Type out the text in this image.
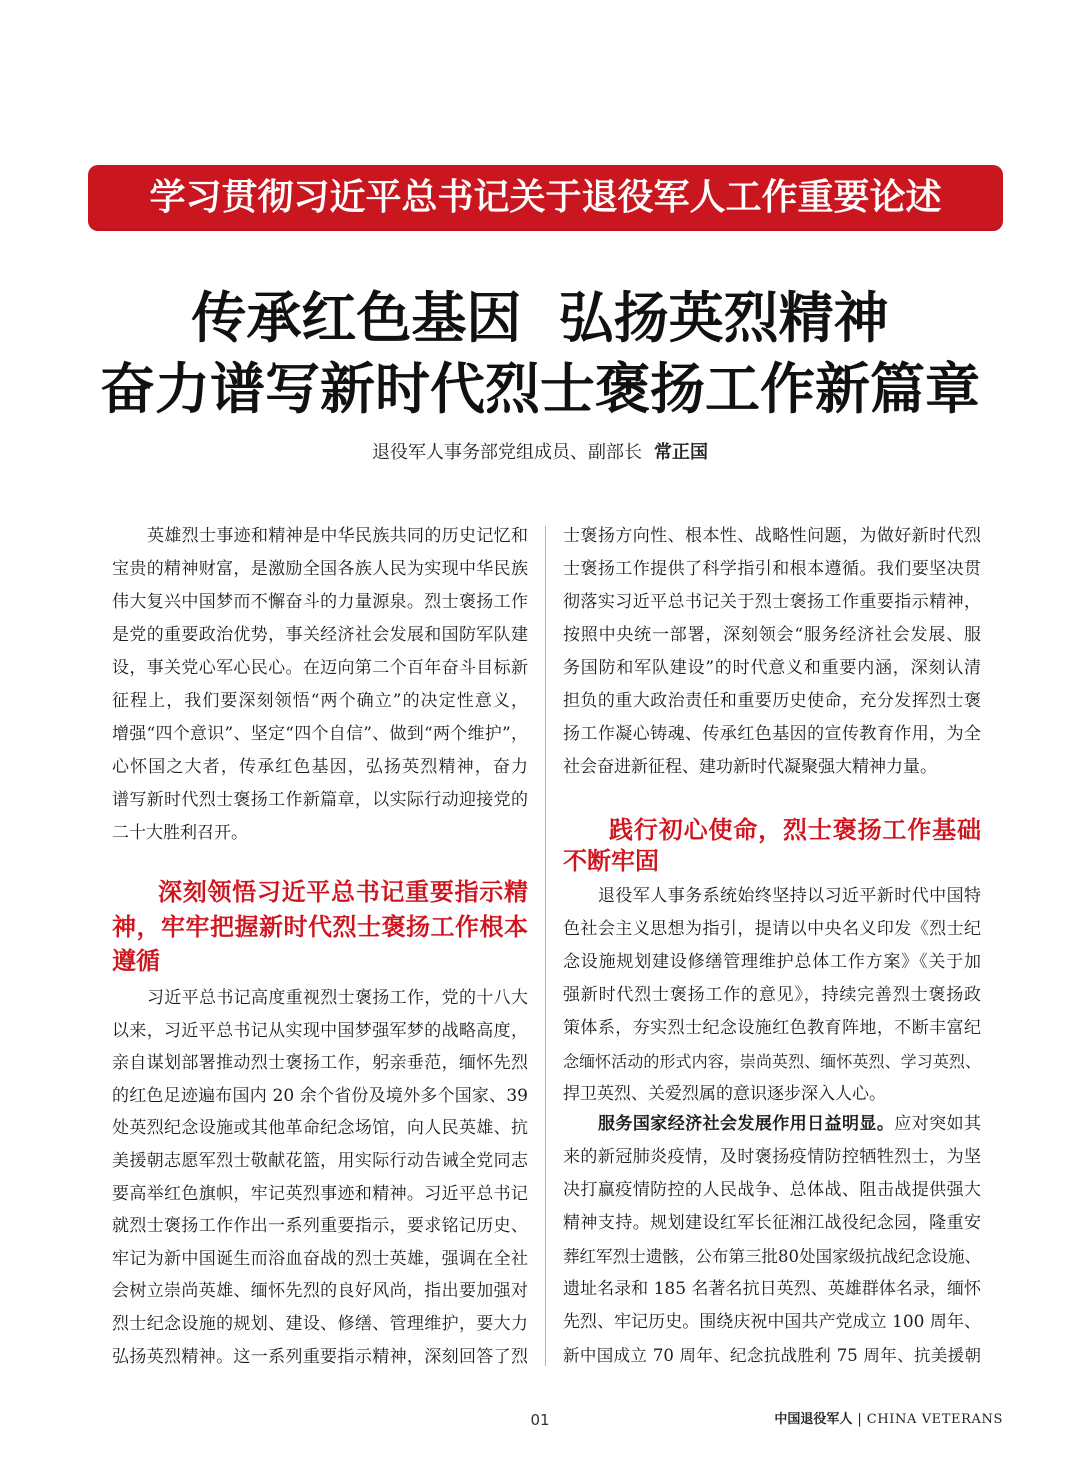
学习贯彻习近平总书记关于退役军人工作重要论述
传承红色基因 弘扬英烈精神
奋力谱写新时代烈士褒扬工作新篇章
退役军人事务部党组成员、副部长 常正国
英雄烈士事迹和精神是中华民族共同的历史记忆和
宝贵的精神财富，是激励全国各族人民为实现中华民族
伟大复兴中国梦而不懈奋斗的力量源泉。烈士褒扬工作
是党的重要政治优势，事关经济社会发展和国防军队建
设，事关党心军心民心。在迈向第二个百年奋斗目标新
征程上，我们要深刻领悟“两个确立”的决定性意义，
增强“四个意识”、坚定“四个自信”、做到“两个维护”，
心怀国之大者，传承红色基因，弘扬英烈精神，奋力
谱写新时代烈士褒扬工作新篇章，以实际行动迎接党的
二十大胜利召开。
深刻领悟习近平总书记重要指示精
神，牢牢把握新时代烈士褒扬工作根本
遵循
习近平总书记高度重视烈士褒扬工作，党的十八大
以来，习近平总书记从实现中国梦强军梦的战略高度，
亲自谋划部署推动烈士褒扬工作，躬亲垂范，缅怀先烈
的红色足迹遍布国内 20 余个省份及境外多个国家、39
处英烈纪念设施或其他革命纪念场馆，向人民英雄、抗
美援朝志愿军烈士敬献花篮，用实际行动告诫全党同志
要高举红色旗帜，牢记英烈事迹和精神。习近平总书记
就烈士褒扬工作作出一系列重要指示，要求铭记历史、
牢记为新中国诞生而浴血奋战的烈士英雄，强调在全社
会树立崇尚英雄、缅怀先烈的良好风尚，指出要加强对
烈士纪念设施的规划、建设、修缮、管理维护，要大力
弘扬英烈精神。这一系列重要指示精神，深刻回答了烈
士褒扬方向性、根本性、战略性问题，为做好新时代烈
士褒扬工作提供了科学指引和根本遵循。我们要坚决贯
彻落实习近平总书记关于烈士褒扬工作重要指示精神，
按照中央统一部署，深刻领会“服务经济社会发展、服
务国防和军队建设”的时代意义和重要内涵，深刻认清
担负的重大政治责任和重要历史使命，充分发挥烈士褒
扬工作凝心铸魂、传承红色基因的宣传教育作用，为全
社会奋进新征程、建功新时代凝聚强大精神力量。
践行初心使命，烈士褒扬工作基础
不断牢固
退役军人事务系统始终坚持以习近平新时代中国特
色社会主义思想为指引，提请以中央名义印发《烈士纪
念设施规划建设修缮管理维护总体工作方案》《关于加
强新时代烈士褒扬工作的意见》，持续完善烈士褒扬政
策体系，夯实烈士纪念设施红色教育阵地，不断丰富纪
念缅怀活动的形式内容，崇尚英烈、缅怀英烈、学习英烈、
捍卫英烈、关爱烈属的意识逐步深入人心。
服务国家经济社会发展作用日益明显。应对突如其
来的新冠肺炎疫情，及时褒扬疫情防控牺牲烈士，为坚
决打赢疫情防控的人民战争、总体战、阻击战提供强大
精神支持。规划建设红军长征湘江战役纪念园，隆重安
葬红军烈士遗骸，公布第三批80处国家级抗战纪念设施、
遗址名录和 185 名著名抗日英烈、英雄群体名录，缅怀
先烈、牢记历史。围绕庆祝中国共产党成立 100 周年、
新中国成立 70 周年、纪念抗战胜利 75 周年、抗美援朝
01	中国退役军人 | CHINA VETERANS
